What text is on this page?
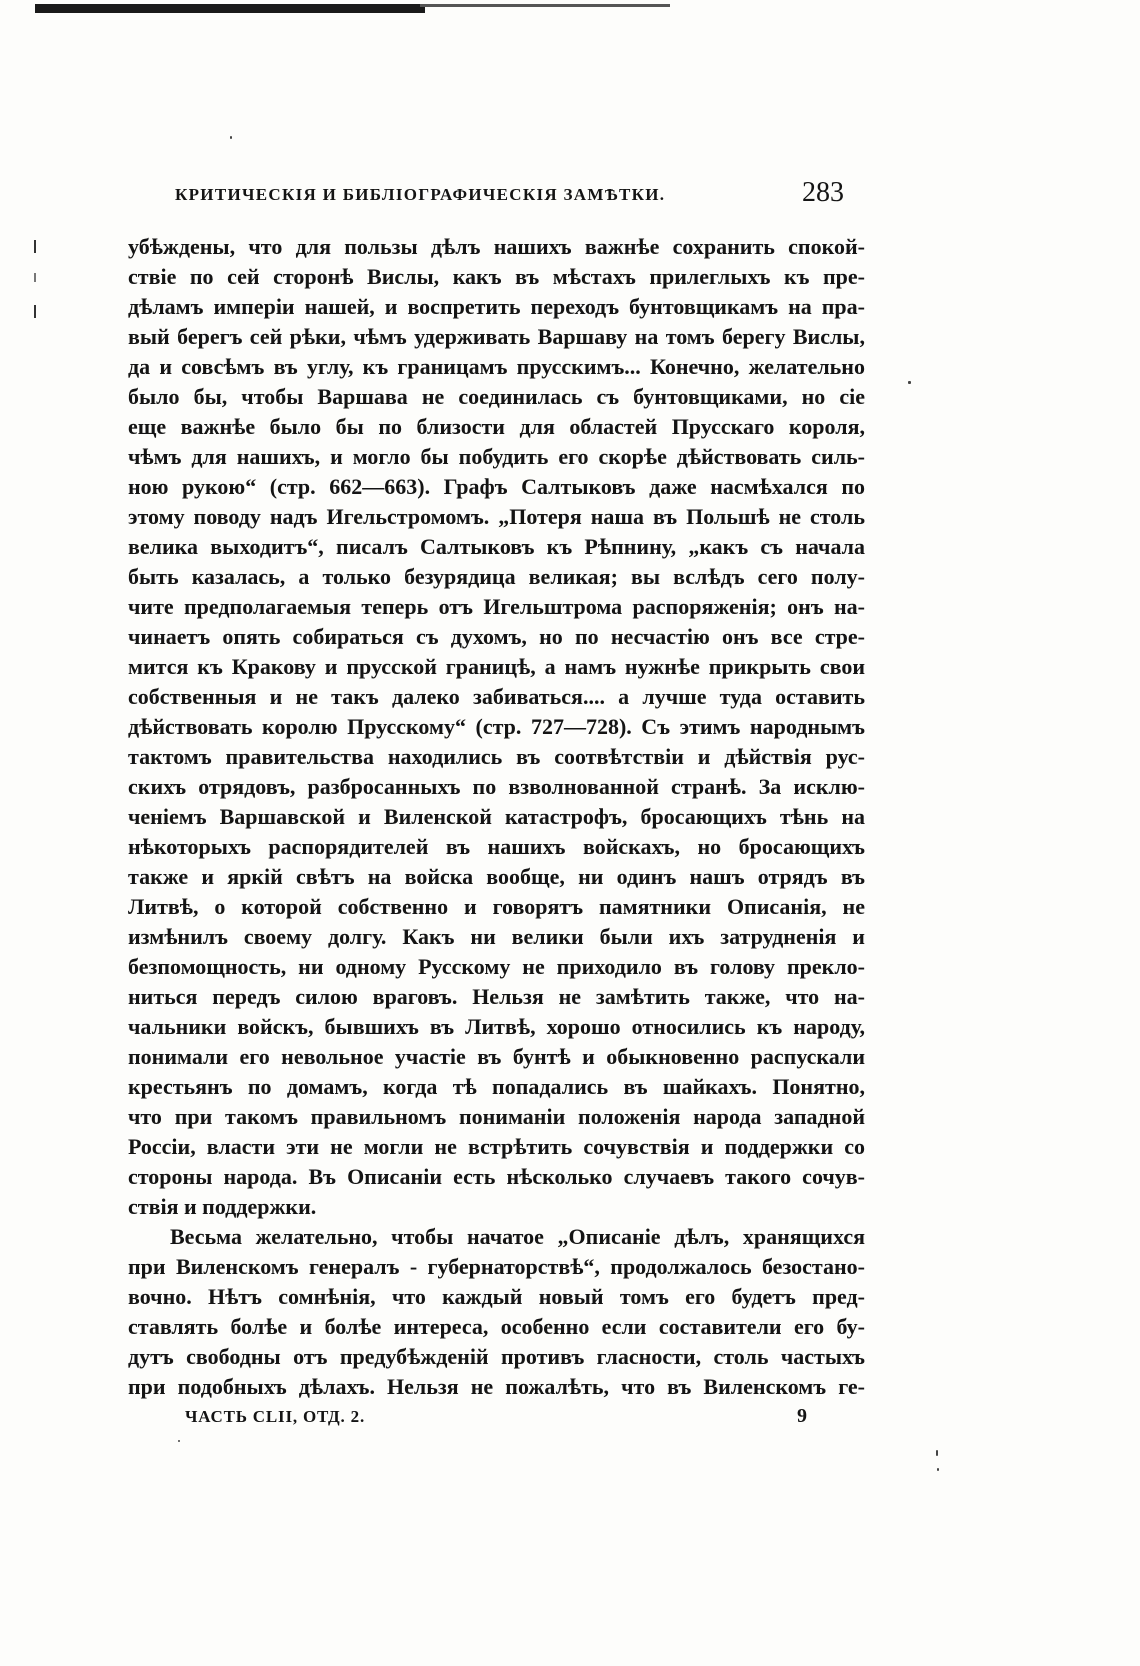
КРИТИЧЕСКІЯ И БИБЛІОГРАФИЧЕСКІЯ ЗАМѢТКИ.	283
убѣждены, что для пользы дѣлъ нашихъ важнѣе сохранить спокой-
ствіе по сей сторонѣ Вислы, какъ въ мѣстахъ прилеглыхъ къ пре-
дѣламъ имперіи нашей, и воспретить переходъ бунтовщикамъ на пра-
вый берегъ сей рѣки, чѣмъ удерживать Варшаву на томъ берегу Вислы,
да и совсѣмъ въ углу, къ границамъ прусскимъ... Конечно, желательно
было бы, чтобы Варшава не соединилась съ бунтовщиками, но сіе
еще важнѣе было бы по близости для областей Прусскаго короля,
чѣмъ для нашихъ, и могло бы побудить его скорѣе дѣйствовать силь-
ною рукою“ (стр. 662—663). Графъ Салтыковъ даже насмѣхался по
этому поводу надъ Игельстромомъ. „Потеря наша въ Польшѣ не столь
велика выходитъ“, писалъ Салтыковъ къ Рѣпнину, „какъ съ начала
быть казалась, а только безурядица великая; вы вслѣдъ сего полу-
чите предполагаемыя теперь отъ Игельштрома распоряженія; онъ на-
чинаетъ опять собираться съ духомъ, но по несчастію онъ все стре-
мится къ Кракову и прусской границѣ, а намъ нужнѣе прикрыть свои
собственныя и не такъ далеко забиваться.... а лучше туда оставить
дѣйствовать королю Прусскому“ (стр. 727—728). Съ этимъ народнымъ
тактомъ правительства находились въ соотвѣтствіи и дѣйствія рус-
скихъ отрядовъ, разбросанныхъ по взволнованной странѣ. За исклю-
ченіемъ Варшавской и Виленской катастрофъ, бросающихъ тѣнь на
нѣкоторыхъ распорядителей въ нашихъ войскахъ, но бросающихъ
также и яркій свѣтъ на войска вообще, ни одинъ нашъ отрядъ въ
Литвѣ, о которой собственно и говорятъ памятники Описанія, не
измѣнилъ своему долгу. Какъ ни велики были ихъ затрудненія и
безпомощность, ни одному Русскому не приходило въ голову прекло-
ниться передъ силою враговъ. Нельзя не замѣтить также, что на-
чальники войскъ, бывшихъ въ Литвѣ, хорошо относились къ народу,
понимали его невольное участіе въ бунтѣ и обыкновенно распускали
крестьянъ по домамъ, когда тѣ попадались въ шайкахъ. Понятно,
что при такомъ правильномъ пониманіи положенія народа западной
Россіи, власти эти не могли не встрѣтить сочувствія и поддержки со
стороны народа. Въ Описаніи есть нѣсколько случаевъ такого сочув-
ствія и поддержки.
Весьма желательно, чтобы начатое „Описаніе дѣлъ, хранящихся
при Виленскомъ генералъ - губернаторствѣ“, продолжалось безостано-
вочно. Нѣтъ сомнѣнія, что каждый новый томъ его будетъ пред-
ставлять болѣе и болѣе интереса, особенно если составители его бу-
дутъ свободны отъ предубѣжденій противъ гласности, столь частыхъ
при подобныхъ дѣлахъ. Нельзя не пожалѣть, что въ Виленскомъ ге-
ЧАСТЬ CLII, ОТД. 2.	9
